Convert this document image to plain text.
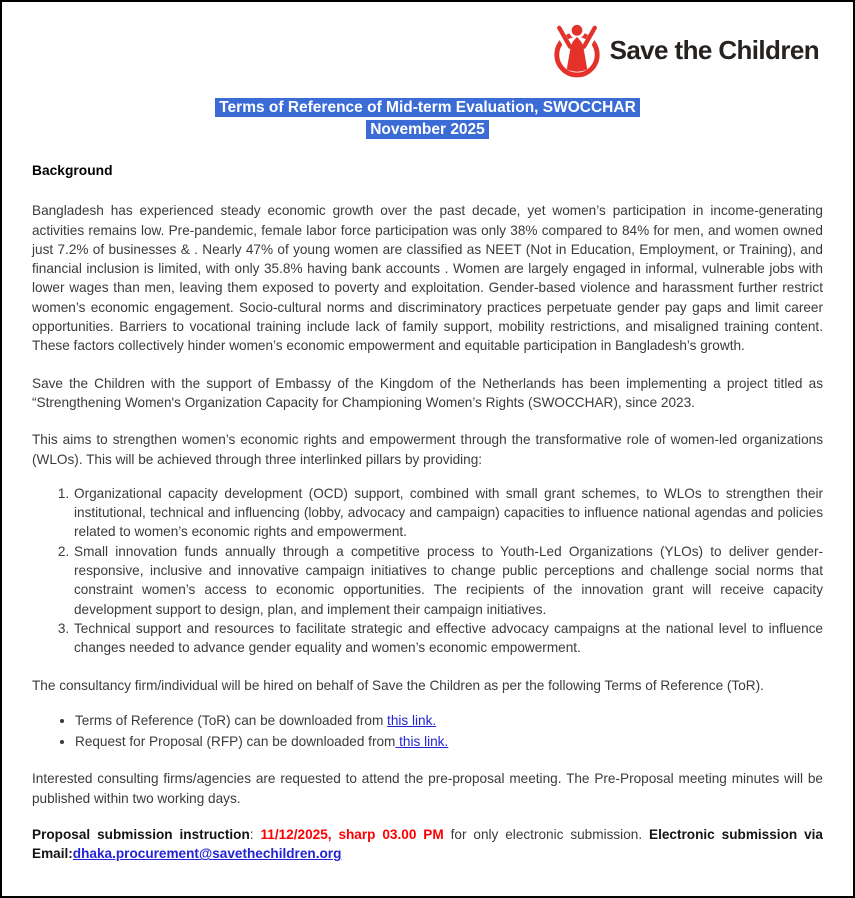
Save the Children
Terms of Reference of Mid-term Evaluation, SWOCCHAR
November 2025
Background

Bangladesh has experienced steady economic growth over the past decade, yet women’s participation in income-generating activities remains low. Pre-pandemic, female labor force participation was only 38% compared to 84% for men, and women owned just 7.2% of businesses & . Nearly 47% of young women are classified as NEET (Not in Education, Employment, or Training), and financial inclusion is limited, with only 35.8% having bank accounts . Women are largely engaged in informal, vulnerable jobs with lower wages than men, leaving them exposed to poverty and exploitation. Gender-based violence and harassment further restrict women’s economic engagement. Socio-cultural norms and discriminatory practices perpetuate gender pay gaps and limit career opportunities. Barriers to vocational training include lack of family support, mobility restrictions, and misaligned training content. These factors collectively hinder women’s economic empowerment and equitable participation in Bangladesh’s growth.

Save the Children with the support of Embassy of the Kingdom of the Netherlands has been implementing a project titled as “Strengthening Women's Organization Capacity for Championing Women’s Rights (SWOCCHAR), since 2023.

This aims to strengthen women’s economic rights and empowerment through the transformative role of women-led organizations (WLOs). This will be achieved through three interlinked pillars by providing:

1. Organizational capacity development (OCD) support, combined with small grant schemes, to WLOs to strengthen their institutional, technical and influencing (lobby, advocacy and campaign) capacities to influence national agendas and policies related to women’s economic rights and empowerment.
2. Small innovation funds annually through a competitive process to Youth-Led Organizations (YLOs) to deliver gender-responsive, inclusive and innovative campaign initiatives to change public perceptions and challenge social norms that constraint women’s access to economic opportunities. The recipients of the innovation grant will receive capacity development support to design, plan, and implement their campaign initiatives.
3. Technical support and resources to facilitate strategic and effective advocacy campaigns at the national level to influence changes needed to advance gender equality and women’s economic empowerment.

The consultancy firm/individual will be hired on behalf of Save the Children as per the following Terms of Reference (ToR).

• Terms of Reference (ToR) can be downloaded from this link.
• Request for Proposal (RFP) can be downloaded from this link.

Interested consulting firms/agencies are requested to attend the pre-proposal meeting. The Pre-Proposal meeting minutes will be published within two working days.

Proposal submission instruction: 11/12/2025, sharp 03.00 PM for only electronic submission. Electronic submission via Email:dhaka.procurement@savethechildren.org
